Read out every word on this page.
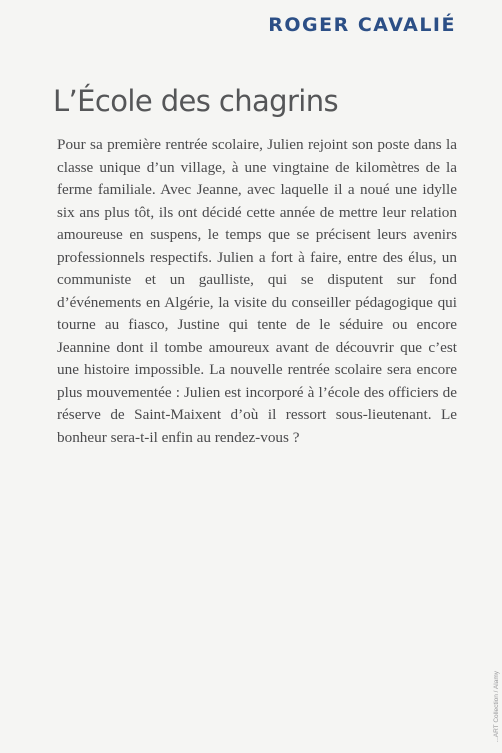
ROGER CAVALIÉ
L’École des chagrins

Pour sa première rentrée scolaire, Julien rejoint son poste dans la classe unique d’un village, à une vingtaine de kilomètres de la ferme familiale. Avec Jeanne, avec laquelle il a noué une idylle six ans plus tôt, ils ont décidé cette année de mettre leur relation amoureuse en suspens, le temps que se précisent leurs avenirs professionnels respectifs. Julien a fort à faire, entre des élus, un communiste et un gaulliste, qui se disputent sur fond d’événements en Algérie, la visite du conseiller pédagogique qui tourne au fiasco, Justine qui tente de le séduire ou encore Jeannine dont il tombe amoureux avant de découvrir que c’est une histoire impossible. La nouvelle rentrée scolaire sera encore plus mouvementée : Julien est incorporé à l’école des officiers de réserve de Saint-Maixent d’où il ressort sous-lieutenant. Le bonheur sera-t-il enfin au rendez-vous ?

...ART Collection / Alamy
